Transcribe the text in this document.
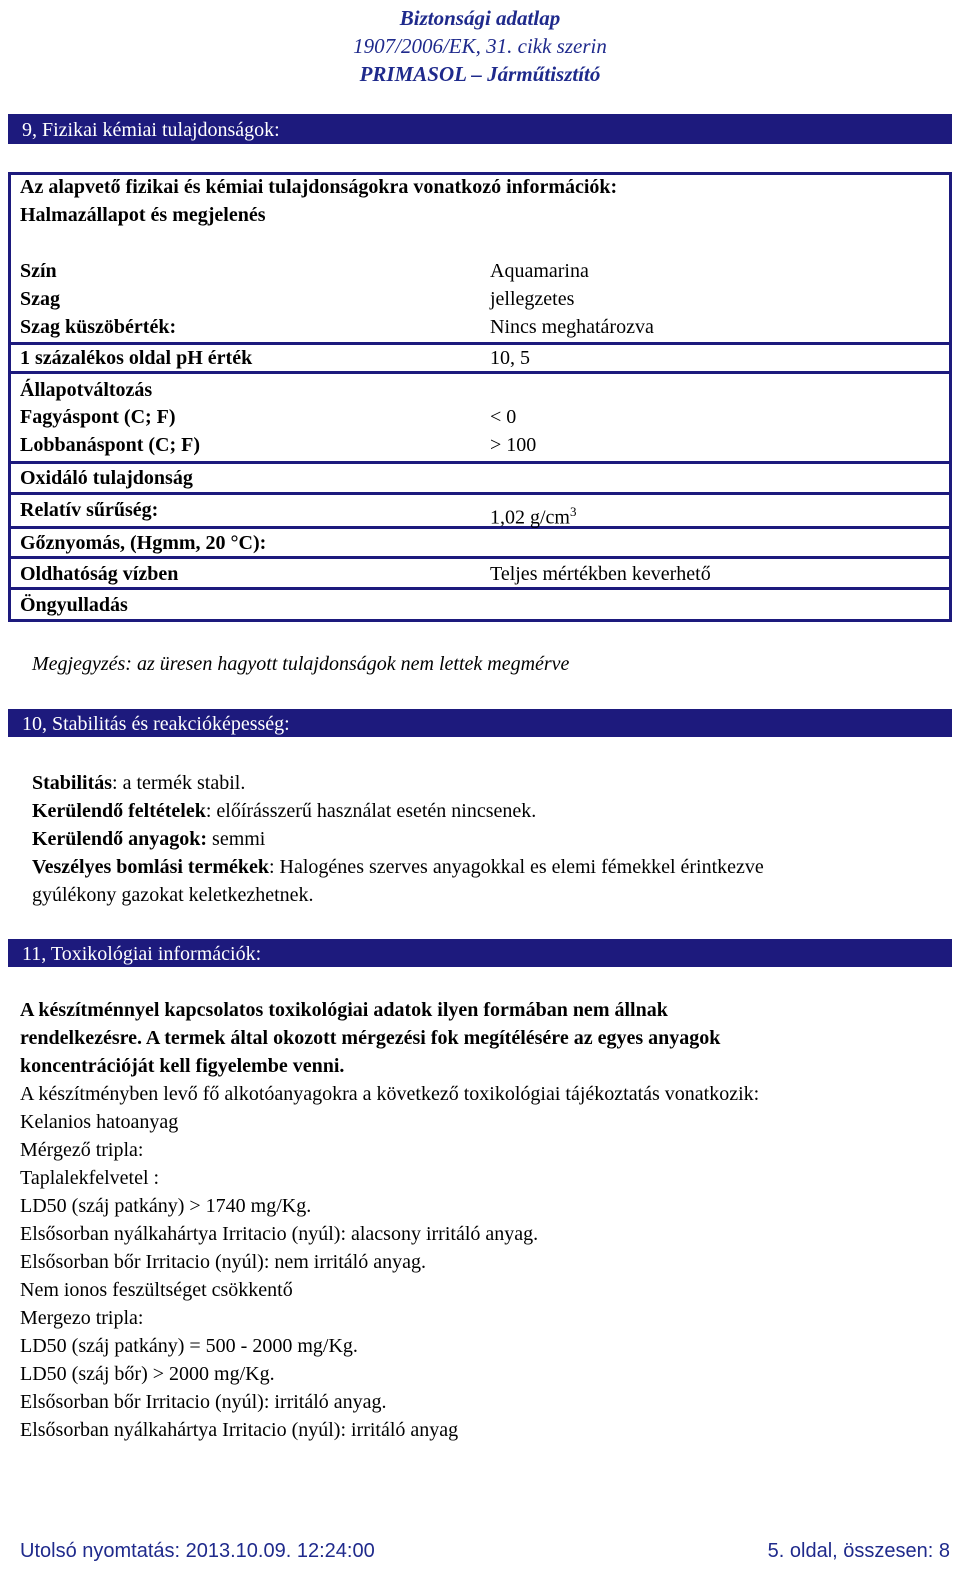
Biztonsági adatlap
1907/2006/EK, 31. cikk szerin
PRIMASOL – Járműtisztító
9, Fizikai kémiai tulajdonságok:
Az alapvető fizikai és kémiai tulajdonságokra vonatkozó információk:
Halmazállapot és megjelenés
Szín	Aquamarina
Szag	jellegzetes
Szag küszöbérték:	Nincs meghatározva
1 százalékos oldal pH érték	10, 5
Állapotváltozás
Fagyáspont (C; F)	< 0
Lobbanáspont (C; F)	> 100
Oxidáló tulajdonság
Relatív sűrűség:	1,02 $g/cm^3$
Gőznyomás, (Hgmm, 20 °C):
Oldhatóság vízben	Teljes mértékben keverhető
Öngyulladás
Megjegyzés: az üresen hagyott tulajdonságok nem lettek megmérve
10, Stabilitás és reakcióképesség:
Stabilitás: a termék stabil.
Kerülendő feltételek: előírásszerű használat esetén nincsenek.
Kerülendő anyagok: semmi
Veszélyes bomlási termékek: Halogénes szerves anyagokkal es elemi fémekkel érintkezve
gyúlékony gazokat keletkezhetnek.
11, Toxikológiai információk:
A készítménnyel kapcsolatos toxikológiai adatok ilyen formában nem állnak
rendelkezésre. A termek által okozott mérgezési fok megítélésére az egyes anyagok
koncentrációját kell figyelembe venni.
A készítményben levő fő alkotóanyagokra a következő toxikológiai tájékoztatás vonatkozik:
Kelanios hatoanyag
Mérgező tripla:
Taplalekfelvetel :
LD50 (száj patkány) > 1740 mg/Kg.
Elsősorban nyálkahártya Irritacio (nyúl): alacsony irritáló anyag.
Elsősorban bőr Irritacio (nyúl): nem irritáló anyag.
Nem ionos feszültséget csökkentő
Mergezo tripla:
LD50 (száj patkány) = 500 - 2000 mg/Kg.
LD50 (száj bőr) > 2000 mg/Kg.
Elsősorban bőr Irritacio (nyúl): irritáló anyag.
Elsősorban nyálkahártya Irritacio (nyúl): irritáló anyag
Utolsó nyomtatás: 2013.10.09. 12:24:00	5. oldal, összesen: 8
